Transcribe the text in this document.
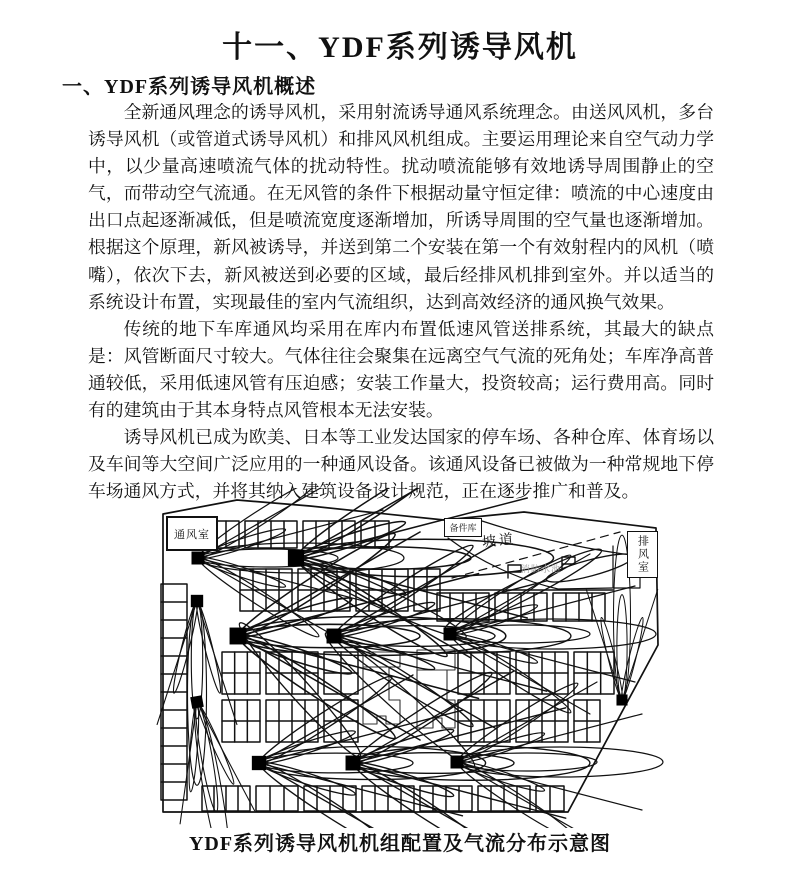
十一、YDF系列诱导风机
一、YDF系列诱导风机概述

全新通风理念的诱导风机，采用射流诱导通风系统理念。由送风风机，多台诱导风机（或管道式诱导风机）和排风风机组成。主要运用理论来自空气动力学中，以少量高速喷流气体的扰动特性。扰动喷流能够有效地诱导周围静止的空气，而带动空气流通。在无风管的条件下根据动量守恒定律：喷流的中心速度由出口点起逐渐减低，但是喷流宽度逐渐增加，所诱导周围的空气量也逐渐增加。根据这个原理，新风被诱导，并送到第二个安装在第一个有效射程内的风机（喷嘴），依次下去，新风被送到必要的区域，最后经排风机排到室外。并以适当的系统设计布置，实现最佳的室内气流组织，达到高效经济的通风换气效果。

传统的地下车库通风均采用在库内布置低速风管送排系统，其最大的缺点是：风管断面尺寸较大。气体往往会聚集在远离空气气流的死角处；车库净高普通较低，采用低速风管有压迫感；安装工作量大，投资较高；运行费用高。同时有的建筑由于其本身特点风管根本无法安装。

诱导风机已成为欧美、日本等工业发达国家的停车场、各种仓库、体育场以及车间等大空间广泛应用的一种通风设备。该通风设备已被做为一种常规地下停车场通风方式，并将其纳入建筑设备设计规范，正在逐步推广和普及。

通风室
备件库
坡道
消防水池	排风室
YDF系列诱导风机机组配置及气流分布示意图
